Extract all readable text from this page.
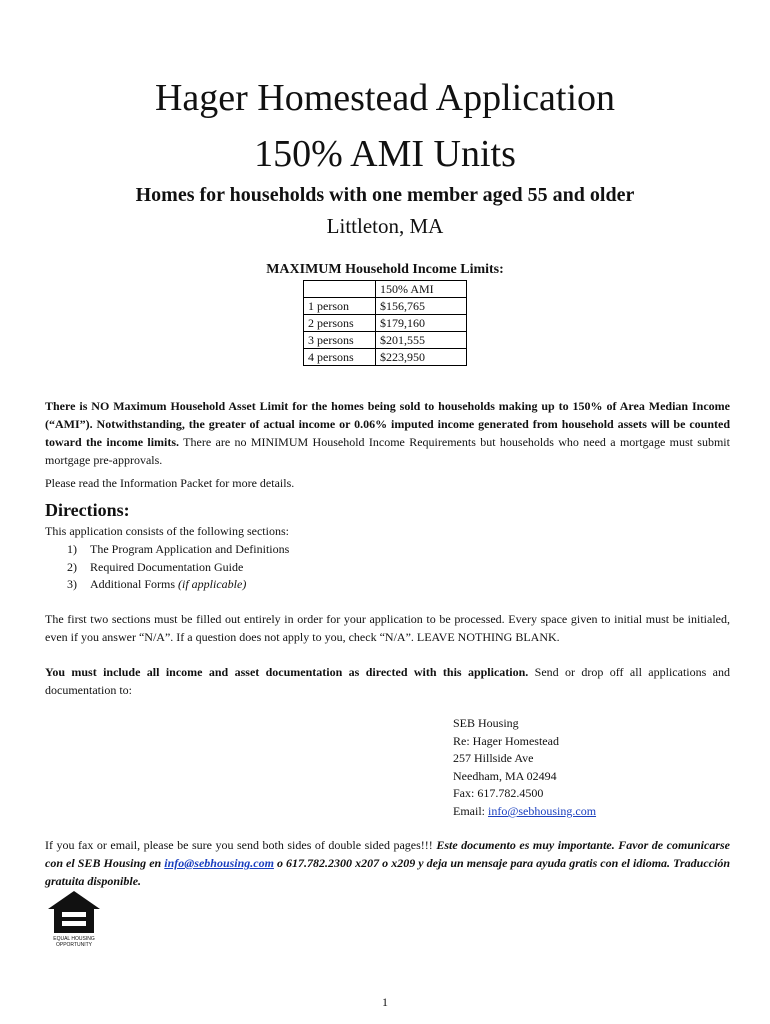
Hager Homestead Application
150% AMI Units
Homes for households with one member aged 55 and older
Littleton, MA
MAXIMUM Household Income Limits:
	150% AMI
1 person	$156,765
2 persons	$179,160
3 persons	$201,555
4 persons	$223,950
There is NO Maximum Household Asset Limit for the homes being sold to households making up to 150% of Area Median Income (“AMI”). Notwithstanding, the greater of actual income or 0.06% imputed income generated from household assets will be counted toward the income limits. There are no MINIMUM Household Income Requirements but households who need a mortgage must submit mortgage pre-approvals.
Please read the Information Packet for more details.
Directions:
This application consists of the following sections:
1) The Program Application and Definitions
2) Required Documentation Guide
3) Additional Forms (if applicable)
The first two sections must be filled out entirely in order for your application to be processed. Every space given to initial must be initialed, even if you answer “N/A”. If a question does not apply to you, check “N/A”. LEAVE NOTHING BLANK.
You must include all income and asset documentation as directed with this application. Send or drop off all applications and documentation to:
SEB Housing
Re: Hager Homestead
257 Hillside Ave
Needham, MA 02494
Fax: 617.782.4500
Email: info@sebhousing.com
If you fax or email, please be sure you send both sides of double sided pages!!! Este documento es muy importante. Favor de comunicarse con el SEB Housing en info@sebhousing.com o 617.782.2300 x207 o x209 y deja un mensaje para ayuda gratis con el idioma. Traducción gratuita disponible.
EQUAL HOUSING
OPPORTUNITY
1
